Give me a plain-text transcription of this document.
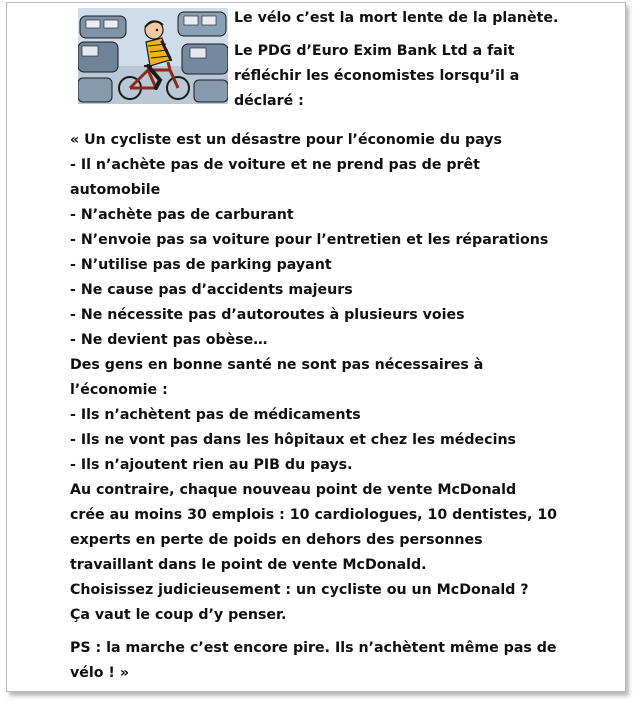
Le vélo c’est la mort lente de la planète.

Le PDG d’Euro Exim Bank Ltd a fait

réfléchir les économistes lorsqu’il a

déclaré :

« Un cycliste est un désastre pour l’économie du pays

- Il n’achète pas de voiture et ne prend pas de prêt

automobile

- N’achète pas de carburant

- N’envoie pas sa voiture pour l’entretien et les réparations

- N’utilise pas de parking payant

- Ne cause pas d’accidents majeurs

- Ne nécessite pas d’autoroutes à plusieurs voies

- Ne devient pas obèse…

Des gens en bonne santé ne sont pas nécessaires à

l’économie :

- Ils n’achètent pas de médicaments

- Ils ne vont pas dans les hôpitaux et chez les médecins

- Ils n’ajoutent rien au PIB du pays.

Au contraire, chaque nouveau point de vente McDonald

crée au moins 30 emplois : 10 cardiologues, 10 dentistes, 10

experts en perte de poids en dehors des personnes

travaillant dans le point de vente McDonald.

Choisissez judicieusement : un cycliste ou un McDonald ?

Ça vaut le coup d’y penser.

PS : la marche c’est encore pire. Ils n’achètent même pas de

vélo ! »
